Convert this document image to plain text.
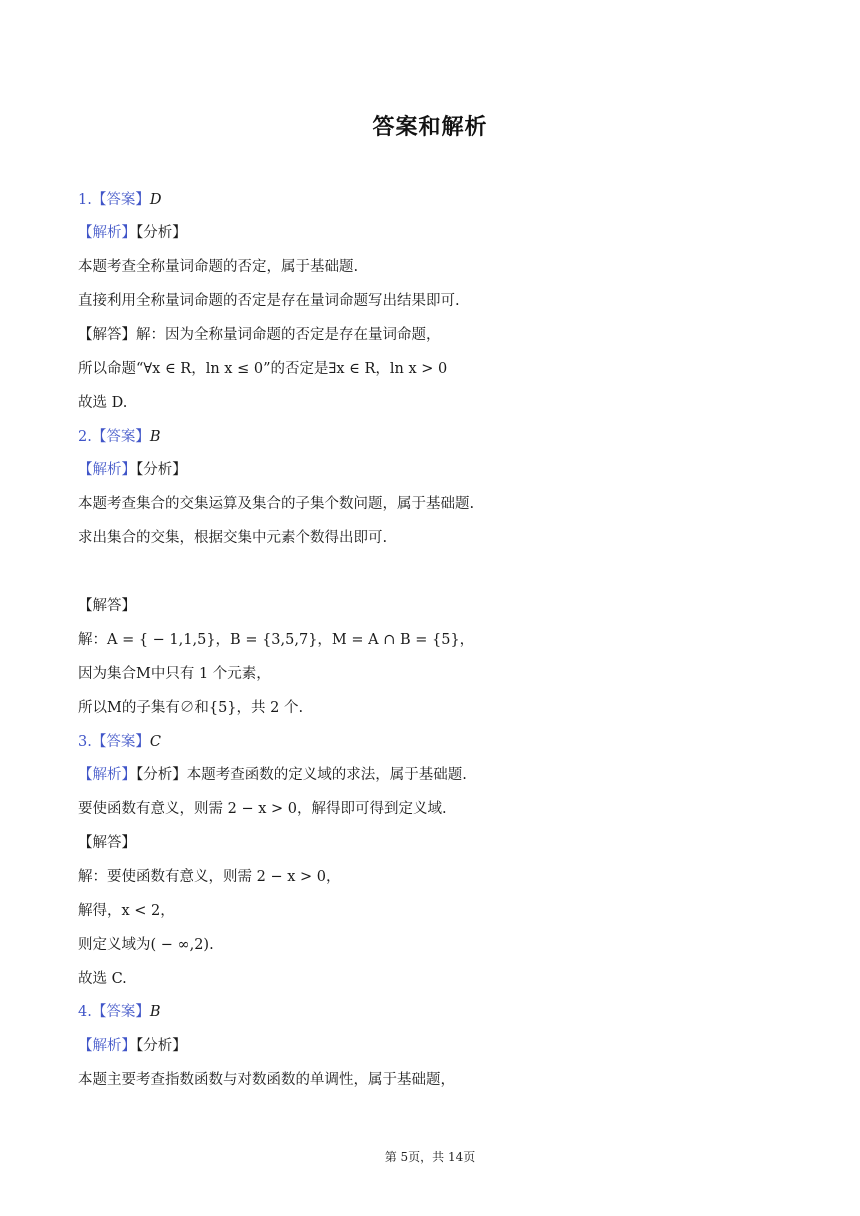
答案和解析
1.【答案】D
【解析】【分析】
本题考查全称量词命题的否定，属于基础题.
直接利用全称量词命题的否定是存在量词命题写出结果即可.
【解答】解：因为全称量词命题的否定是存在量词命题，
所以命题“∀x ∈ R，ln x ≤ 0”的否定是∃x ∈ R，ln x > 0
故选 D.
2.【答案】B
【解析】【分析】
本题考查集合的交集运算及集合的子集个数问题，属于基础题.
求出集合的交集，根据交集中元素个数得出即可.
【解答】
解：A = { − 1,1,5}，B = {3,5,7}，M = A ∩ B = {5}，
因为集合M中只有 1 个元素，
所以M的子集有∅和{5}，共 2 个.
3.【答案】C
【解析】【分析】本题考查函数的定义域的求法，属于基础题.
要使函数有意义，则需 2 − x > 0，解得即可得到定义域.
【解答】
解：要使函数有意义，则需 2 − x > 0，
解得，x < 2，
则定义域为( − ∞,2).
故选 C.
4.【答案】B
【解析】【分析】
本题主要考查指数函数与对数函数的单调性，属于基础题，
第 5页，共 14页
